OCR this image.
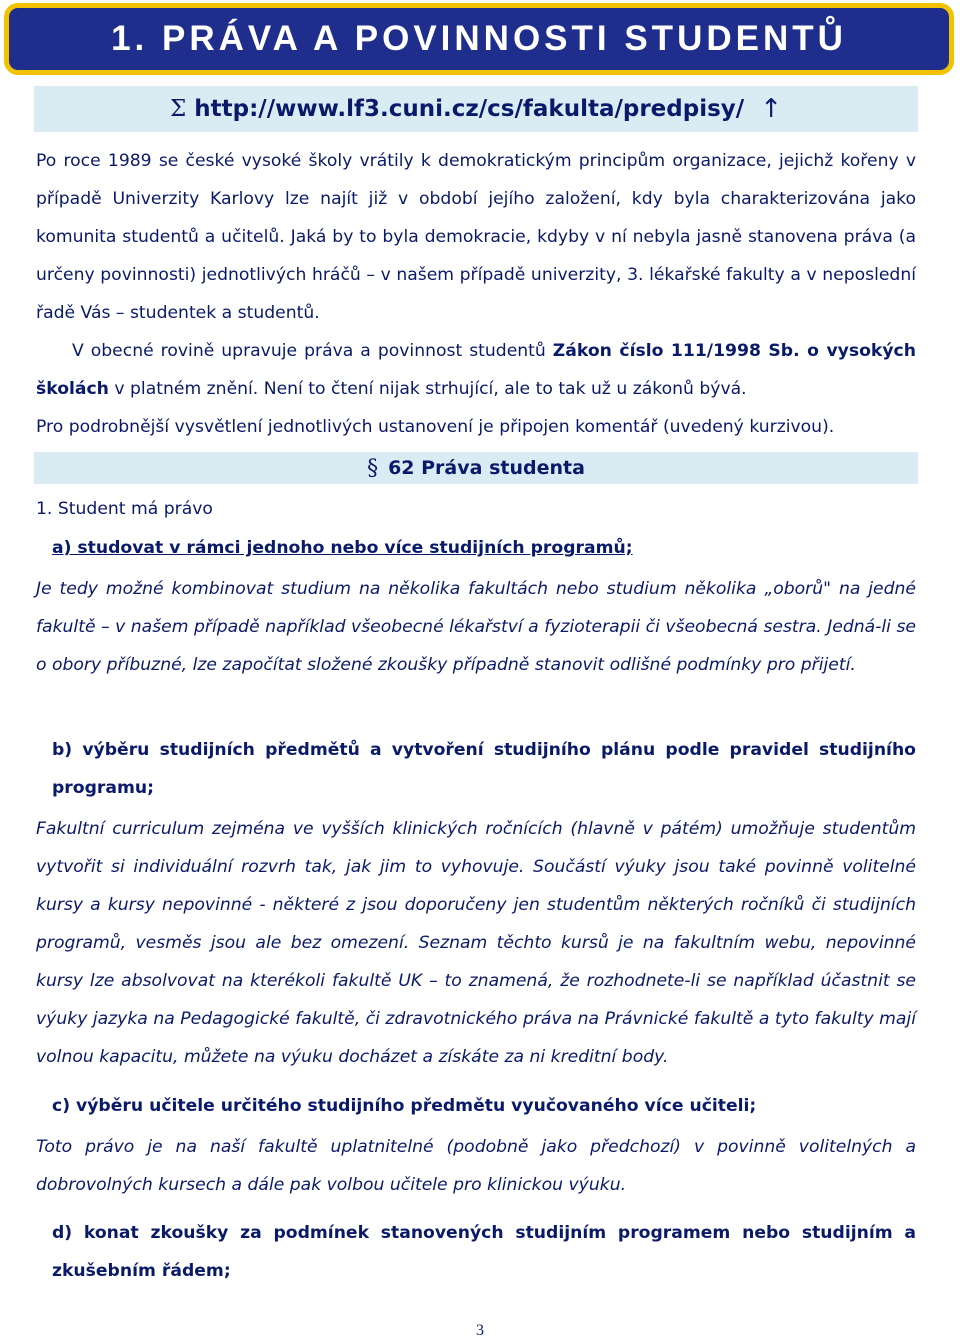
1. PRÁVA A POVINNOSTI STUDENTŮ
Σ http://www.lf3.cuni.cz/cs/fakulta/predpisy/ ↑

Po roce 1989 se české vysoké školy vrátily k demokratickým principům organizace, jejichž kořeny v případě Univerzity Karlovy lze najít již v období jejího založení, kdy byla charakterizována jako komunita studentů a učitelů. Jaká by to byla demokracie, kdyby v ní nebyla jasně stanovena práva (a určeny povinnosti) jednotlivých hráčů – v našem případě univerzity, 3. lékařské fakulty a v neposlední řadě Vás – studentek a studentů.

V obecné rovině upravuje práva a povinnost studentů Zákon číslo 111/1998 Sb. o vysokých školách v platném znění. Není to čtení nijak strhující, ale to tak už u zákonů bývá.

Pro podrobnější vysvětlení jednotlivých ustanovení je připojen komentář (uvedený kurzivou).

§ 62 Práva studenta
1. Student má právo

a) studovat v rámci jednoho nebo více studijních programů;

Je tedy možné kombinovat studium na několika fakultách nebo studium několika „oborů" na jedné fakultě – v našem případě například všeobecné lékařství a fyzioterapii či všeobecná sestra. Jedná-li se o obory příbuzné, lze započítat složené zkoušky případně stanovit odlišné podmínky pro přijetí.

b) výběru studijních předmětů a vytvoření studijního plánu podle pravidel studijního programu;

Fakultní curriculum zejména ve vyšších klinických ročnících (hlavně v pátém) umožňuje studentům vytvořit si individuální rozvrh tak, jak jim to vyhovuje. Součástí výuky jsou také povinně volitelné kursy a kursy nepovinné - některé z jsou doporučeny jen studentům některých ročníků či studijních programů, vesměs jsou ale bez omezení. Seznam těchto kursů je na fakultním webu, nepovinné kursy lze absolvovat na kterékoli fakultě UK – to znamená, že rozhodnete-li se například účastnit se výuky jazyka na Pedagogické fakultě, či zdravotnického práva na Právnické fakultě a tyto fakulty mají volnou kapacitu, můžete na výuku docházet a získáte za ni kreditní body.

c) výběru učitele určitého studijního předmětu vyučovaného více učiteli;

Toto právo je na naší fakultě uplatnitelné (podobně jako předchozí) v povinně volitelných a dobrovolných kursech a dále pak volbou učitele pro klinickou výuku.

d) konat zkoušky za podmínek stanovených studijním programem nebo studijním a zkušebním řádem;

3
